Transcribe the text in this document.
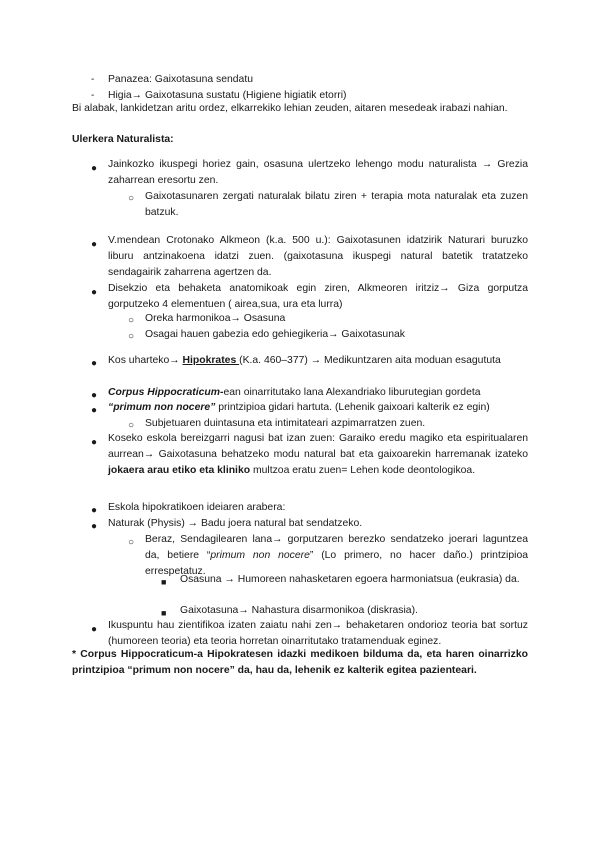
- Panazea: Gaixotasuna sendatu

- Higia→ Gaixotasuna sustatu (Higiene higiatik etorri)

Bi alabak, lankidetzan aritu ordez, elkarrekiko lehian zeuden, aitaren mesedeak irabazi nahian.

Ulerkera Naturalista:

● Jainkozko ikuspegi horiez gain, osasuna ulertzeko lehengo modu naturalista → Grezia zaharrean eresortu zen.

○ Gaixotasunaren zergati naturalak bilatu ziren + terapia mota naturalak eta zuzen batzuk.

● V.mendean Crotonako Alkmeon (k.a. 500 u.): Gaixotasunen idatzirik Naturari buruzko liburu antzinakoena idatzi zuen. (gaixotasuna ikuspegi natural batetik tratatzeko sendagairik zaharrena agertzen da.

● Disekzio eta behaketa anatomikoak egin ziren, Alkmeoren iritziz→ Giza gorputza gorputzeko 4 elementuen ( airea,sua, ura eta lurra)

○ Oreka harmonikoa→ Osasuna

○ Osagai hauen gabezia edo gehiegikeria→ Gaixotasunak

● Kos uharteko→ Hipokrates (K.a. 460–377) → Medikuntzaren aita moduan esagututa

● Corpus Hippocraticum-ean oinarritutako lana Alexandriako liburutegian gordeta

● “primum non nocere” printzipioa gidari hartuta. (Lehenik gaixoari kalterik ez egin)

○ Subjetuaren duintasuna eta intimitateari azpimarratzen zuen.

● Koseko eskola bereizgarri nagusi bat izan zuen: Garaiko eredu magiko eta espiritualaren aurrean→ Gaixotasuna behatzeko modu natural bat eta gaixoarekin harremanak izateko jokaera arau etiko eta kliniko multzoa eratu zuen= Lehen kode deontologikoa.

● Eskola hipokratikoen ideiaren arabera:

● Naturak (Physis) → Badu joera natural bat sendatzeko.

○ Beraz, Sendagilearen lana→ gorputzaren berezko sendatzeko joerari laguntzea da, betiere “primum non nocere” (Lo primero, no hacer daño.) printzipioa errespetatuz.

■ Osasuna → Humoreen nahasketaren egoera harmoniatsua (eukrasia) da.

■ Gaixotasuna→ Nahastura disarmonikoa (diskrasia).

● Ikuspuntu hau zientifikoa izaten zaiatu nahi zen→ behaketaren ondorioz teoria bat sortuz (humoreen teoria) eta teoria horretan oinarritutako tratamenduak eginez.

* Corpus Hippocraticum-a Hipokratesen idazki medikoen bilduma da, eta haren oinarrizko printzipioa “primum non nocere” da, hau da, lehenik ez kalterik egitea pazienteari.
